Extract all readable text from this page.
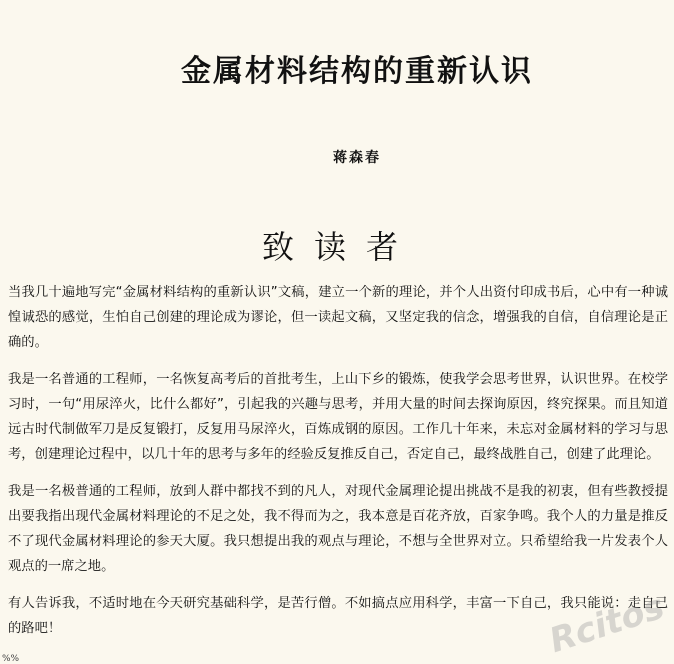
金属材料结构的重新认识
蒋森春
致读者

当我几十遍地写完“金属材料结构的重新认识”文稿，建立一个新的理论，并个人出资付印成书后，心中有一种诚惶诚恐的感觉，生怕自己创建的理论成为谬论，但一读起文稿，又坚定我的信念，增强我的自信，自信理论是正确的。

我是一名普通的工程师，一名恢复高考后的首批考生，上山下乡的锻炼，使我学会思考世界，认识世界。在校学习时，一句“用尿淬火，比什么都好”，引起我的兴趣与思考，并用大量的时间去探询原因，终究探果。而且知道远古时代制做军刀是反复锻打，反复用马尿淬火，百炼成钢的原因。工作几十年来，未忘对金属材料的学习与思考，创建理论过程中，以几十年的思考与多年的经验反复推反自己，否定自己，最终战胜自己，创建了此理论。

我是一名极普通的工程师，放到人群中都找不到的凡人，对现代金属理论提出挑战不是我的初衷，但有些教授提出要我指出现代金属材料理论的不足之处，我不得而为之，我本意是百花齐放，百家争鸣。我个人的力量是推反不了现代金属材料理论的参天大厦。我只想提出我的观点与理论，不想与全世界对立。只希望给我一片发表个人观点的一席之地。

有人告诉我，不适时地在今天研究基础科学，是苦行僧。不如搞点应用科学，丰富一下自己，我只能说：走自己的路吧！	Rcitos
%%
